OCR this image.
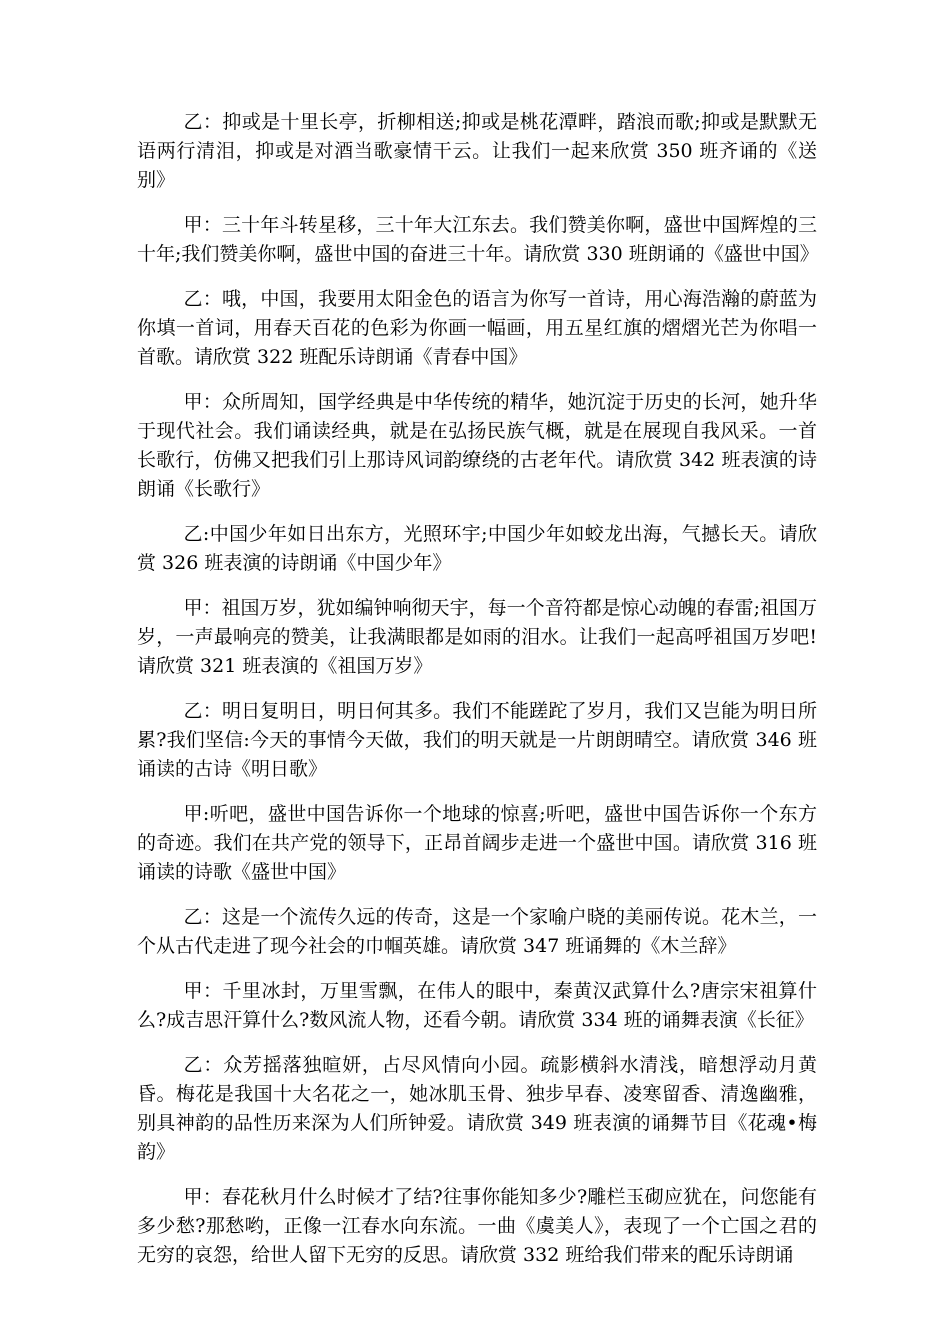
乙：抑或是十里长亭，折柳相送;抑或是桃花潭畔，踏浪而歌;抑或是默默无语两行清泪，抑或是对酒当歌豪情干云。让我们一起来欣赏 350 班齐诵的《送别》

甲：三十年斗转星移，三十年大江东去。我们赞美你啊，盛世中国辉煌的三十年;我们赞美你啊，盛世中国的奋进三十年。请欣赏 330 班朗诵的《盛世中国》

乙：哦，中国，我要用太阳金色的语言为你写一首诗，用心海浩瀚的蔚蓝为你填一首词，用春天百花的色彩为你画一幅画，用五星红旗的熠熠光芒为你唱一首歌。请欣赏 322 班配乐诗朗诵《青春中国》

甲：众所周知，国学经典是中华传统的精华，她沉淀于历史的长河，她升华于现代社会。我们诵读经典，就是在弘扬民族气概，就是在展现自我风采。一首长歌行，仿佛又把我们引上那诗风词韵缭绕的古老年代。请欣赏 342 班表演的诗朗诵《长歌行》

乙:中国少年如日出东方，光照环宇;中国少年如蛟龙出海，气撼长天。请欣赏 326 班表演的诗朗诵《中国少年》

甲：祖国万岁，犹如编钟响彻天宇，每一个音符都是惊心动魄的春雷;祖国万岁，一声最响亮的赞美，让我满眼都是如雨的泪水。让我们一起高呼祖国万岁吧!请欣赏 321 班表演的《祖国万岁》

乙：明日复明日，明日何其多。我们不能蹉跎了岁月，我们又岂能为明日所累?我们坚信:今天的事情今天做，我们的明天就是一片朗朗晴空。请欣赏 346 班诵读的古诗《明日歌》

甲:听吧，盛世中国告诉你一个地球的惊喜;听吧，盛世中国告诉你一个东方的奇迹。我们在共产党的领导下，正昂首阔步走进一个盛世中国。请欣赏 316 班诵读的诗歌《盛世中国》

乙：这是一个流传久远的传奇，这是一个家喻户晓的美丽传说。花木兰，一个从古代走进了现今社会的巾帼英雄。请欣赏 347 班诵舞的《木兰辞》

甲：千里冰封，万里雪飘，在伟人的眼中，秦黄汉武算什么?唐宗宋祖算什么?成吉思汗算什么?数风流人物，还看今朝。请欣赏 334 班的诵舞表演《长征》

乙：众芳摇落独暄妍，占尽风情向小园。疏影横斜水清浅，暗想浮动月黄昏。梅花是我国十大名花之一，她冰肌玉骨、独步早春、凌寒留香、清逸幽雅，别具神韵的品性历来深为人们所钟爱。请欣赏 349 班表演的诵舞节目《花魂•梅韵》

甲：春花秋月什么时候才了结?往事你能知多少?雕栏玉砌应犹在，问您能有多少愁?那愁哟，正像一江春水向东流。一曲《虞美人》，表现了一个亡国之君的无穷的哀怨，给世人留下无穷的反思。请欣赏 332 班给我们带来的配乐诗朗诵
